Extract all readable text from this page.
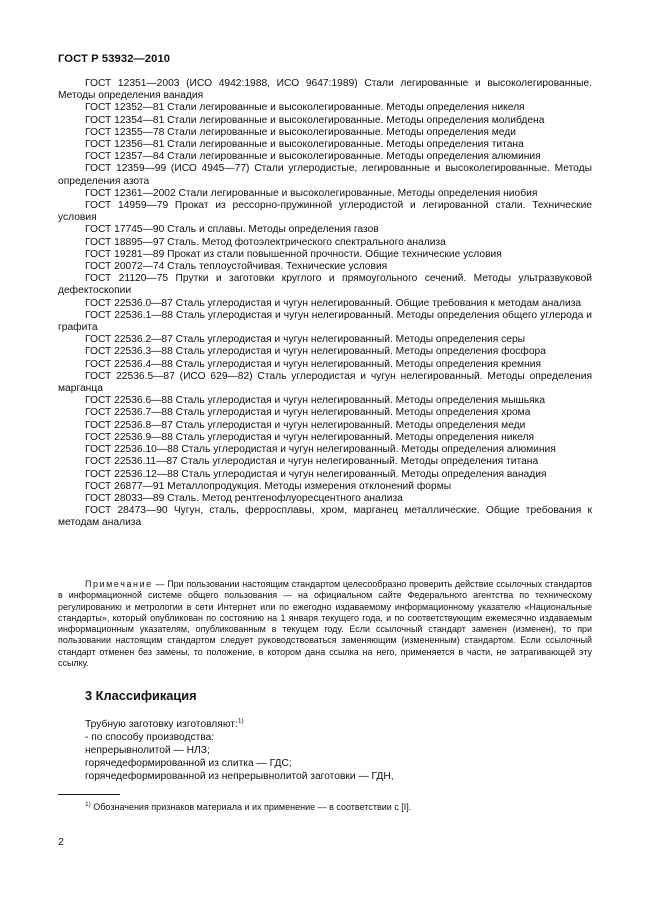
ГОСТ Р 53932—2010

ГОСТ 12351—2003 (ИСО 4942:1988, ИСО 9647:1989) Стали легированные и высоколегированные. Методы определения ванадия

ГОСТ 12352—81 Стали легированные и высоколегированные. Методы определения никеля

ГОСТ 12354—81 Стали легированные и высоколегированные. Методы определения молибдена

ГОСТ 12355—78 Стали легированные и высоколегированные. Методы определения меди

ГОСТ 12356—81 Стали легированные и высоколегированные. Методы определения титана

ГОСТ 12357—84 Стали легированные и высоколегированные. Методы определения алюминия

ГОСТ 12359—99 (ИСО 4945—77) Стали углеродистые, легированные и высоколегированные. Методы определения азота

ГОСТ 12361—2002 Стали легированные и высоколегированные. Методы определения ниобия

ГОСТ 14959—79 Прокат из рессорно-пружинной углеродистой и легированной стали. Технические условия

ГОСТ 17745—90 Сталь и сплавы. Методы определения газов

ГОСТ 18895—97 Сталь. Метод фотоэлектрического спектрального анализа

ГОСТ 19281—89 Прокат из стали повышенной прочности. Общие технические условия

ГОСТ 20072—74 Сталь теплоустойчивая. Технические условия

ГОСТ 21120—75 Прутки и заготовки круглого и прямоугольного сечений. Методы ультразвуковой дефектоскопии

ГОСТ 22536.0—87 Сталь углеродистая и чугун нелегированный. Общие требования к методам анализа

ГОСТ 22536.1—88 Сталь углеродистая и чугун нелегированный. Методы определения общего углерода и графита

ГОСТ 22536.2—87 Сталь углеродистая и чугун нелегированный. Методы определения серы

ГОСТ 22536.3—88 Сталь углеродистая и чугун нелегированный. Методы определения фосфора

ГОСТ 22536.4—88 Сталь углеродистая и чугун нелегированный. Методы определения кремния

ГОСТ 22536.5—87 (ИСО 629—82) Сталь углеродистая и чугун нелегированный. Методы определения марганца

ГОСТ 22536.6—88 Сталь углеродистая и чугун нелегированный. Методы определения мышьяка

ГОСТ 22536.7—88 Сталь углеродистая и чугун нелегированный. Методы определения хрома

ГОСТ 22536.8—87 Сталь углеродистая и чугун нелегированный. Методы определения меди

ГОСТ 22536.9—88 Сталь углеродистая и чугун нелегированный. Методы определения никеля

ГОСТ 22536.10—88 Сталь углеродистая и чугун нелегированный. Методы определения алюминия

ГОСТ 22536.11—87 Сталь углеродистая и чугун нелегированный. Методы определения титана

ГОСТ 22536.12—88 Сталь углеродистая и чугун нелегированный. Методы определения ванадия

ГОСТ 26877—91 Металлопродукция. Методы измерения отклонений формы

ГОСТ 28033—89 Сталь. Метод рентгенофлуоресцентного анализа

ГОСТ 28473—90 Чугун, сталь, ферросплавы, хром, марганец металлические. Общие требования к методам анализа

Примечание — При пользовании настоящим стандартом целесообразно проверить действие ссылочных стандартов в информационной системе общего пользования — на официальном сайте Федерального агентства по техническому регулированию и метрологии в сети Интернет или по ежегодно издаваемому информационному указателю «Национальные стандарты», который опубликован по состоянию на 1 января текущего года, и по соответствующим ежемесячно издаваемым информационным указателям, опубликованным в текущем году. Если ссылочный стандарт заменен (изменен), то при пользовании настоящим стандартом следует руководствоваться заменяющим (измененным) стандартом. Если ссылочный стандарт отменен без замены, то положение, в котором дана ссылка на него, применяется в части, не затрагивающей эту ссылку.

3 Классификация
Трубную заготовку изготовляют:$^{1)}$
- по способу производства:
непрерывнолитой — НЛЗ;
горячедеформированной из слитка — ГДС;
горячедеформированной из непрерывнолитой заготовки — ГДН,
$^{1)}$ Обозначения признаков материала и их применение — в соответствии с [I].
2
